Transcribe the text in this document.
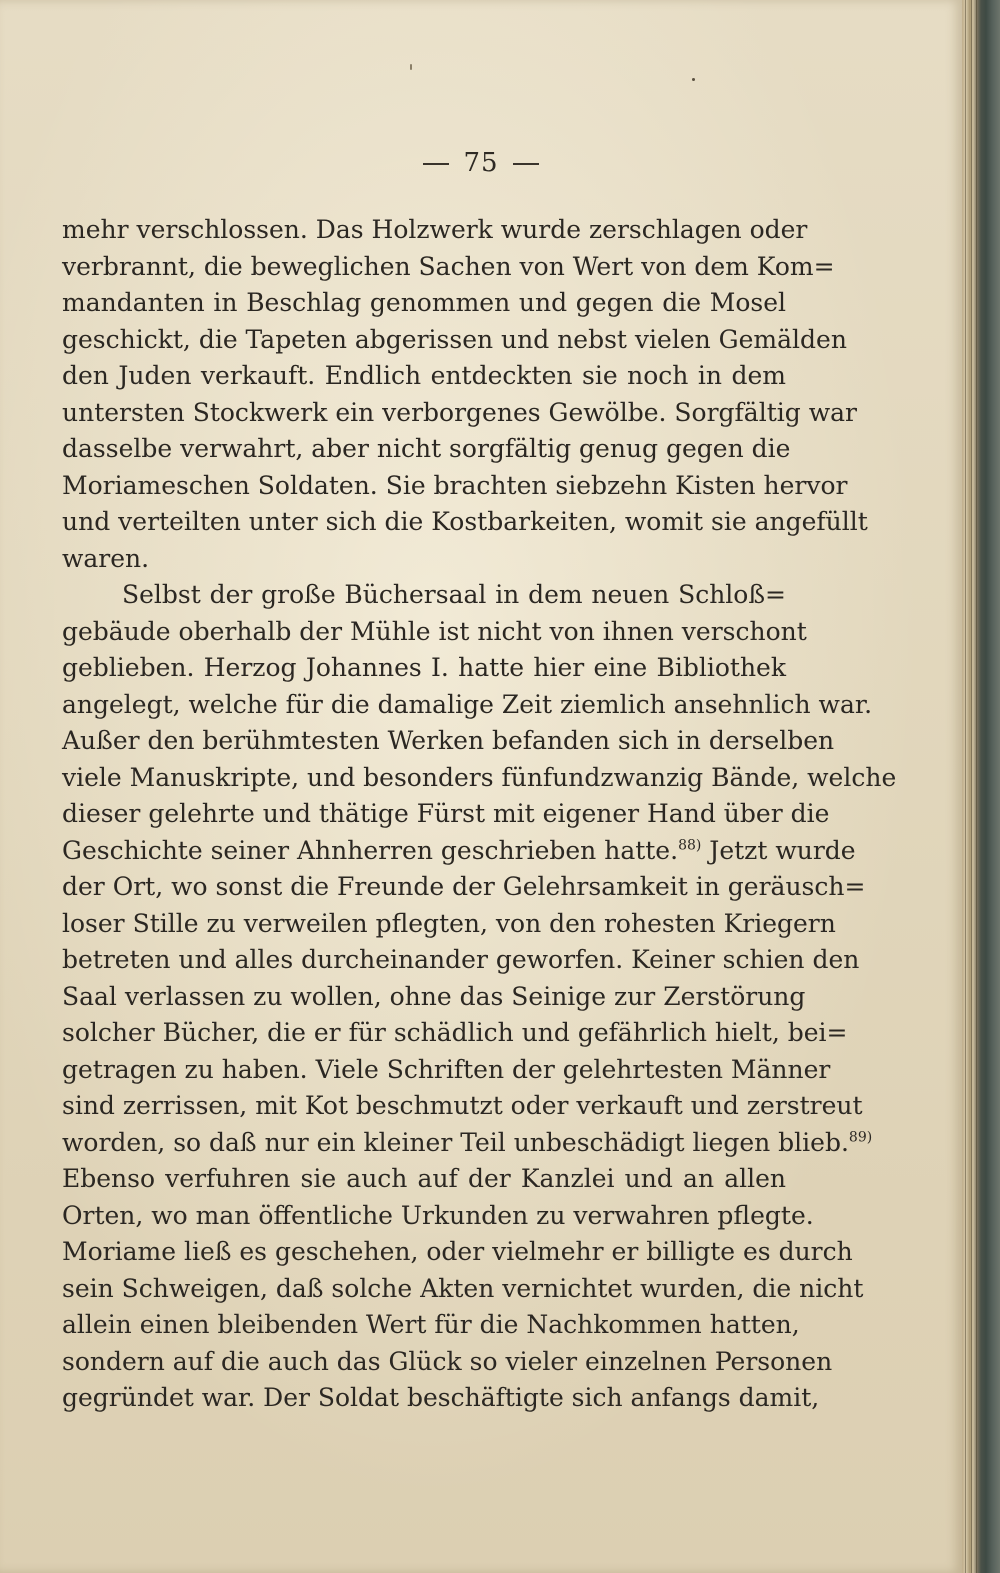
75
mehr verschlossen. Das Holzwerk wurde zerschlagen oder
verbrannt, die beweglichen Sachen von Wert von dem Kom=
mandanten in Beschlag genommen und gegen die Mosel
geschickt, die Tapeten abgerissen und nebst vielen Gemälden
den Juden verkauft. Endlich entdeckten sie noch in dem
untersten Stockwerk ein verborgenes Gewölbe. Sorgfältig war
dasselbe verwahrt, aber nicht sorgfältig genug gegen die
Moriameschen Soldaten. Sie brachten siebzehn Kisten hervor
und verteilten unter sich die Kostbarkeiten, womit sie angefüllt
waren.
Selbst der große Büchersaal in dem neuen Schloß=
gebäude oberhalb der Mühle ist nicht von ihnen verschont
geblieben. Herzog Johannes I. hatte hier eine Bibliothek
angelegt, welche für die damalige Zeit ziemlich ansehnlich war.
Außer den berühmtesten Werken befanden sich in derselben
viele Manuskripte, und besonders fünfundzwanzig Bände, welche
dieser gelehrte und thätige Fürst mit eigener Hand über die
Geschichte seiner Ahnherren geschrieben hatte.$^{88)}$ Jetzt wurde
der Ort, wo sonst die Freunde der Gelehrsamkeit in geräusch=
loser Stille zu verweilen pflegten, von den rohesten Kriegern
betreten und alles durcheinander geworfen. Keiner schien den
Saal verlassen zu wollen, ohne das Seinige zur Zerstörung
solcher Bücher, die er für schädlich und gefährlich hielt, bei=
getragen zu haben. Viele Schriften der gelehrtesten Männer
sind zerrissen, mit Kot beschmutzt oder verkauft und zerstreut
worden, so daß nur ein kleiner Teil unbeschädigt liegen blieb.$^{89)}$
Ebenso verfuhren sie auch auf der Kanzlei und an allen
Orten, wo man öffentliche Urkunden zu verwahren pflegte.
Moriame ließ es geschehen, oder vielmehr er billigte es durch
sein Schweigen, daß solche Akten vernichtet wurden, die nicht
allein einen bleibenden Wert für die Nachkommen hatten,
sondern auf die auch das Glück so vieler einzelnen Personen
gegründet war. Der Soldat beschäftigte sich anfangs damit,
